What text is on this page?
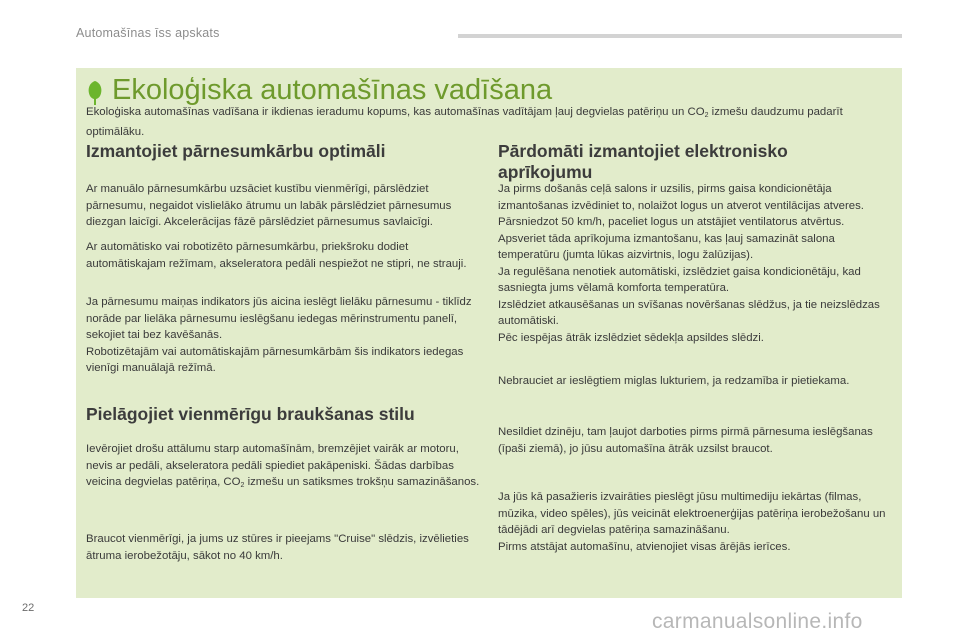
Automašīnas īss apskats
Ekoloģiska automašīnas vadīšana
Ekoloģiska automašīnas vadīšana ir ikdienas ieradumu kopums, kas automašīnas vadītājam ļauj degvielas patēriņu un $CO_2$ izmešu daudzumu padarīt optimālāku.
Izmantojiet pārnesumkārbu optimāli

Ar manuālo pārnesumkārbu uzsāciet kustību vienmērīgi, pārslēdziet pārnesumu, negaidot vislielāko ātrumu un labāk pārslēdziet pārnesumus diezgan laicīgi. Akcelerācijas fāzē pārslēdziet pārnesumus savlaicīgi.

Ar automātisko vai robotizēto pārnesumkārbu, priekšroku dodiet automātiskajam režīmam, akseleratora pedāli nespiežot ne stipri, ne strauji.

Ja pārnesumu maiņas indikators jūs aicina ieslēgt lielāku pārnesumu - tiklīdz norāde par lielāka pārnesumu ieslēgšanu iedegas mērinstrumentu panelī, sekojiet tai bez kavēšanās.

Robotizētajām vai automātiskajām pārnesumkārbām šis indikators iedegas vienīgi manuālajā režīmā.

Pielāgojiet vienmērīgu braukšanas stilu

Ievērojiet drošu attālumu starp automašīnām, bremzējiet vairāk ar motoru, nevis ar pedāli, akseleratora pedāli spiediet pakāpeniski. Šādas darbības veicina degvielas patēriņa, $CO_2$ izmešu un satiksmes trokšņu samazināšanos.

Braucot vienmērīgi, ja jums uz stūres ir pieejams "Cruise" slēdzis, izvēlieties ātruma ierobežotāju, sākot no 40 km/h.

Pārdomāti izmantojiet elektronisko aprīkojumu

Ja pirms došanās ceļā salons ir uzsilis, pirms gaisa kondicionētāja izmantošanas izvēdiniet to, nolaižot logus un atverot ventilācijas atveres.

Pārsniedzot 50 km/h, paceliet logus un atstājiet ventilatorus atvērtus.

Apsveriet tāda aprīkojuma izmantošanu, kas ļauj samazināt salona temperatūru (jumta lūkas aizvirtnis, logu žalūzijas).

Ja regulēšana nenotiek automātiski, izslēdziet gaisa kondicionētāju, kad sasniegta jums vēlamā komforta temperatūra.

Izslēdziet atkausēšanas un svīšanas novēršanas slēdžus, ja tie neizslēdzas automātiski.

Pēc iespējas ātrāk izslēdziet sēdekļa apsildes slēdzi.

Nebrauciet ar ieslēgtiem miglas lukturiem, ja redzamība ir pietiekama.

Nesildiet dzinēju, tam ļaujot darboties pirms pirmā pārnesuma ieslēgšanas (īpaši ziemā), jo jūsu automašīna ātrāk uzsilst braucot.

Ja jūs kā pasažieris izvairāties pieslēgt jūsu multimediju iekārtas (filmas, mūzika, video spēles), jūs veicināt elektroenerģijas patēriņa ierobežošanu un tādējādi arī degvielas patēriņa samazināšanu.

Pirms atstājat automašīnu, atvienojiet visas ārējās ierīces.

22
carmanualsonline.info
